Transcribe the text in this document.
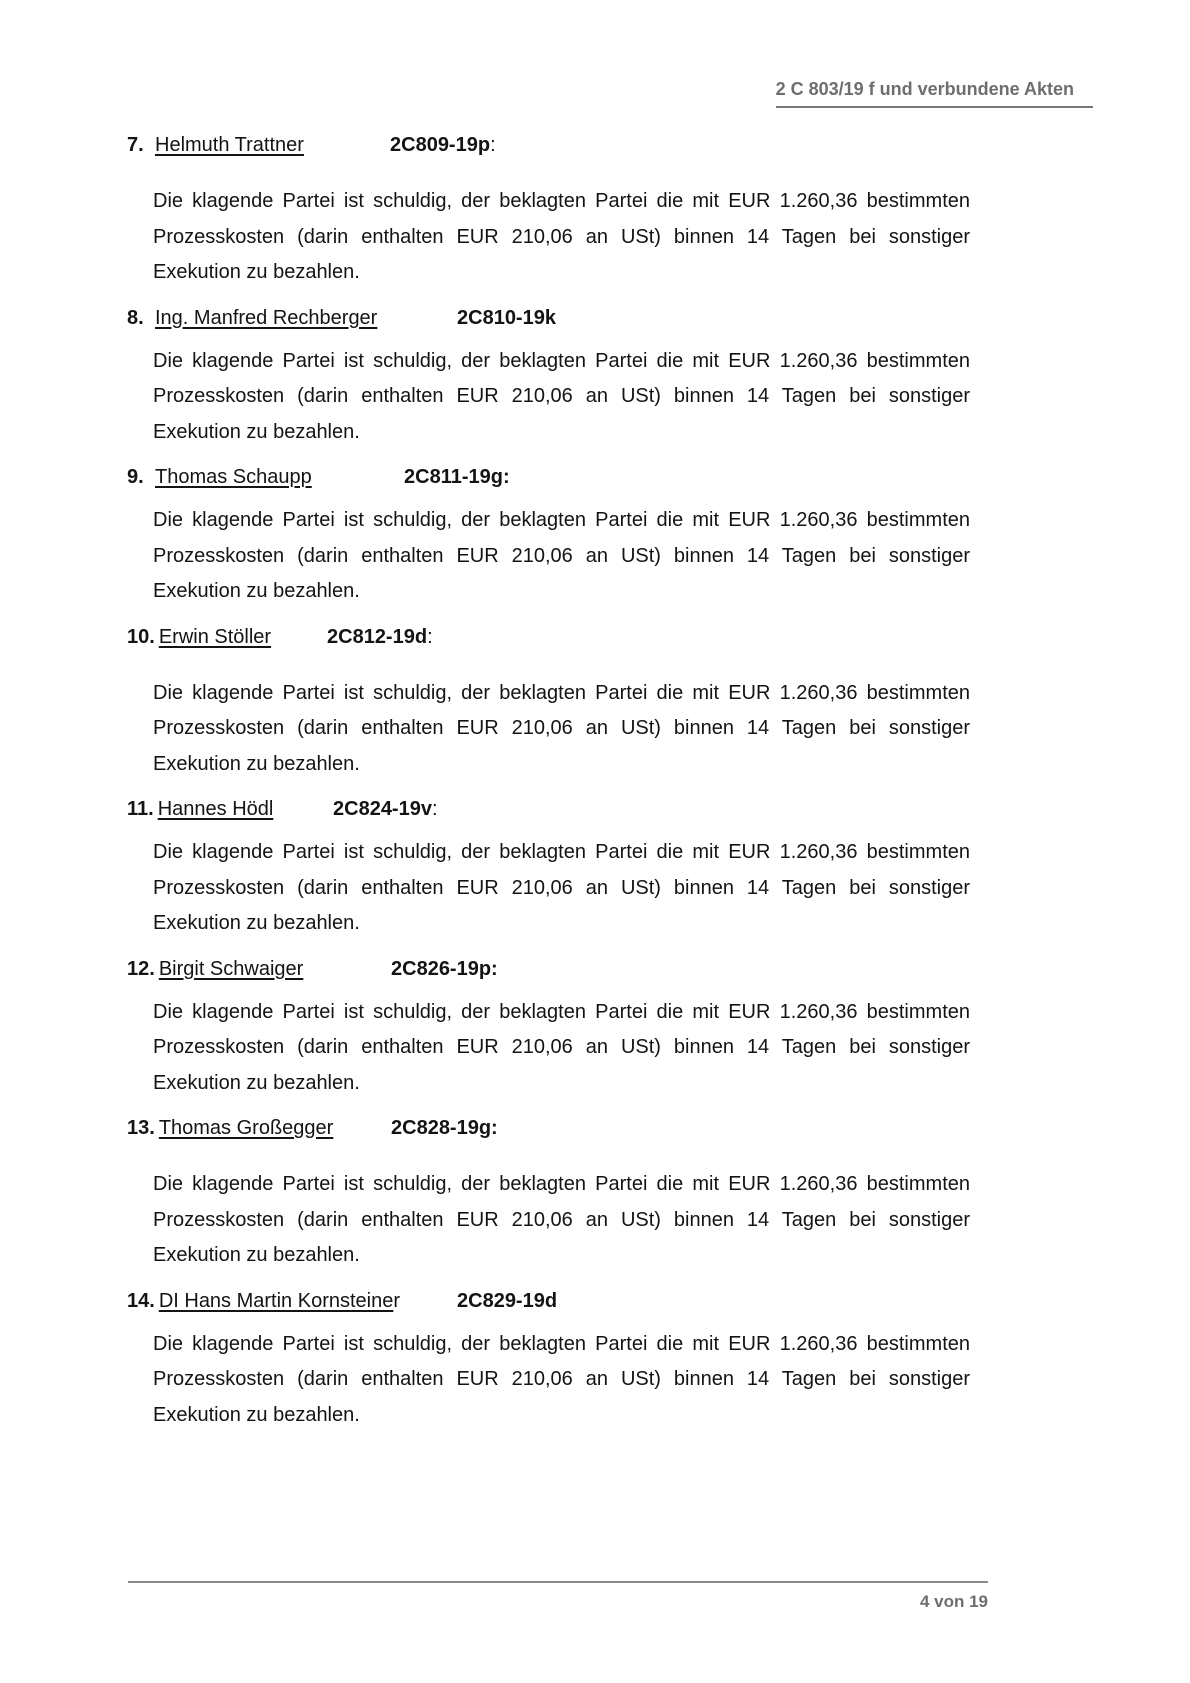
2 C 803/19 f und verbundene Akten
7. Helmuth Trattner	2C809-19p:
Die klagende Partei ist schuldig, der beklagten Partei die mit EUR 1.260,36 bestimmten
Prozesskosten (darin enthalten EUR 210,06 an USt) binnen 14 Tagen bei sonstiger
Exekution zu bezahlen.
8. Ing. Manfred Rechberger	2C810-19k
Die klagende Partei ist schuldig, der beklagten Partei die mit EUR 1.260,36 bestimmten
Prozesskosten (darin enthalten EUR 210,06 an USt) binnen 14 Tagen bei sonstiger
Exekution zu bezahlen.
9. Thomas Schaupp	2C811-19g:
Die klagende Partei ist schuldig, der beklagten Partei die mit EUR 1.260,36 bestimmten
Prozesskosten (darin enthalten EUR 210,06 an USt) binnen 14 Tagen bei sonstiger
Exekution zu bezahlen.
10. Erwin Stöller	2C812-19d:
Die klagende Partei ist schuldig, der beklagten Partei die mit EUR 1.260,36 bestimmten
Prozesskosten (darin enthalten EUR 210,06 an USt) binnen 14 Tagen bei sonstiger
Exekution zu bezahlen.
11. Hannes Hödl	2C824-19v:
Die klagende Partei ist schuldig, der beklagten Partei die mit EUR 1.260,36 bestimmten
Prozesskosten (darin enthalten EUR 210,06 an USt) binnen 14 Tagen bei sonstiger
Exekution zu bezahlen.
12. Birgit Schwaiger	2C826-19p:
Die klagende Partei ist schuldig, der beklagten Partei die mit EUR 1.260,36 bestimmten
Prozesskosten (darin enthalten EUR 210,06 an USt) binnen 14 Tagen bei sonstiger
Exekution zu bezahlen.
13. Thomas Großegger	2C828-19g:
Die klagende Partei ist schuldig, der beklagten Partei die mit EUR 1.260,36 bestimmten
Prozesskosten (darin enthalten EUR 210,06 an USt) binnen 14 Tagen bei sonstiger
Exekution zu bezahlen.
14. DI Hans Martin Kornsteiner	2C829-19d
Die klagende Partei ist schuldig, der beklagten Partei die mit EUR 1.260,36 bestimmten
Prozesskosten (darin enthalten EUR 210,06 an USt) binnen 14 Tagen bei sonstiger
Exekution zu bezahlen.
4 von 19
